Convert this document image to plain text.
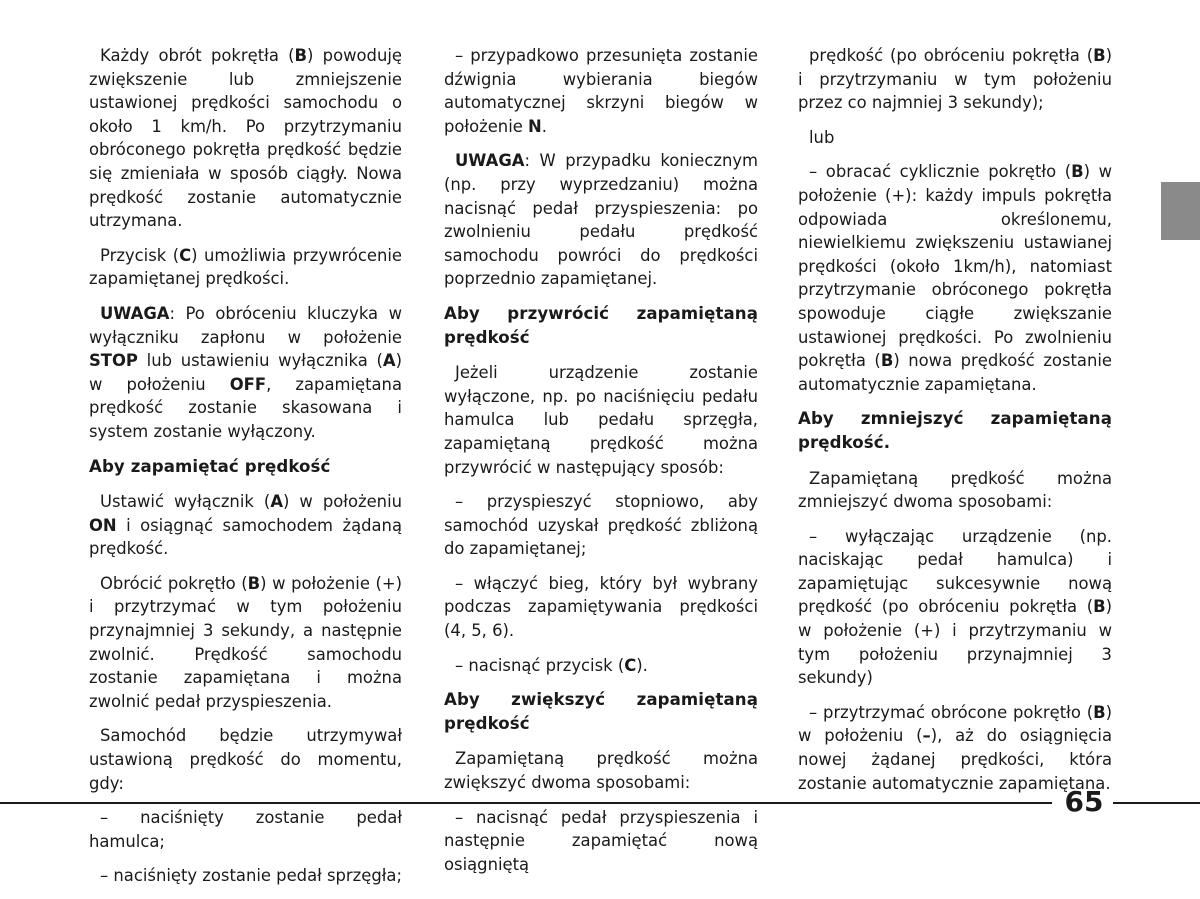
Każdy obrót pokrętła (B) powoduję zwiększenie lub zmniejszenie ustawionej prędkości samochodu o około 1 km/h. Po przytrzymaniu obróconego pokrętła prędkość będzie się zmieniała w sposób ciągły. Nowa prędkość zostanie automatycznie utrzymana.

Przycisk (C) umożliwia przywrócenie zapamiętanej prędkości.

UWAGA: Po obróceniu kluczyka w wyłączniku zapłonu w położenie STOP lub ustawieniu wyłącznika (A) w położeniu OFF, zapamiętana prędkość zostanie skasowana i system zostanie wyłączony.

Aby zapamiętać prędkość

Ustawić wyłącznik (A) w położeniu ON i osiągnąć samochodem żądaną prędkość.

Obrócić pokrętło (B) w położenie (+) i przytrzymać w tym położeniu przynajmniej 3 sekundy, a następnie zwolnić. Prędkość samochodu zostanie zapamiętana i można zwolnić pedał przyspieszenia.

Samochód będzie utrzymywał ustawioną prędkość do momentu, gdy:

– naciśnięty zostanie pedał hamulca;

– naciśnięty zostanie pedał sprzęgła;

– przypadkowo przesunięta zostanie dźwignia wybierania biegów automatycznej skrzyni biegów w położenie N.

UWAGA: W przypadku koniecznym (np. przy wyprzedzaniu) można nacisnąć pedał przyspieszenia: po zwolnieniu pedału prędkość samochodu powróci do prędkości poprzednio zapamiętanej.

Aby przywrócić zapamiętaną prędkość

Jeżeli urządzenie zostanie wyłączone, np. po naciśnięciu pedału hamulca lub pedału sprzęgła, zapamiętaną prędkość można przywrócić w następujący sposób:

– przyspieszyć stopniowo, aby samochód uzyskał prędkość zbliżoną do zapamiętanej;

– włączyć bieg, który był wybrany podczas zapamiętywania prędkości (4, 5, 6).

– nacisnąć przycisk (C).

Aby zwiększyć zapamiętaną prędkość

Zapamiętaną prędkość można zwiększyć dwoma sposobami:

– nacisnąć pedał przyspieszenia i następnie zapamiętać nową osiągniętą

prędkość (po obróceniu pokrętła (B) i przytrzymaniu w tym położeniu przez co najmniej 3 sekundy);

lub

– obracać cyklicznie pokrętło (B) w położenie (+): każdy impuls pokrętła odpowiada określonemu, niewielkiemu zwiększeniu ustawianej prędkości (około 1km/h), natomiast przytrzymanie obróconego pokrętła spowoduje ciągłe zwiększanie ustawionej prędkości. Po zwolnieniu pokrętła (B) nowa prędkość zostanie automatycznie zapamiętana.

Aby zmniejszyć zapamiętaną prędkość.

Zapamiętaną prędkość można zmniejszyć dwoma sposobami:

– wyłączając urządzenie (np. naciskając pedał hamulca) i zapamiętując sukcesywnie nową prędkość (po obróceniu pokrętła (B) w położenie (+) i przytrzymaniu w tym położeniu przynajmniej 3 sekundy)

– przytrzymać obrócone pokrętło (B) w położeniu (–), aż do osiągnięcia nowej żądanej prędkości, która zostanie automatycznie zapamiętana.

65
